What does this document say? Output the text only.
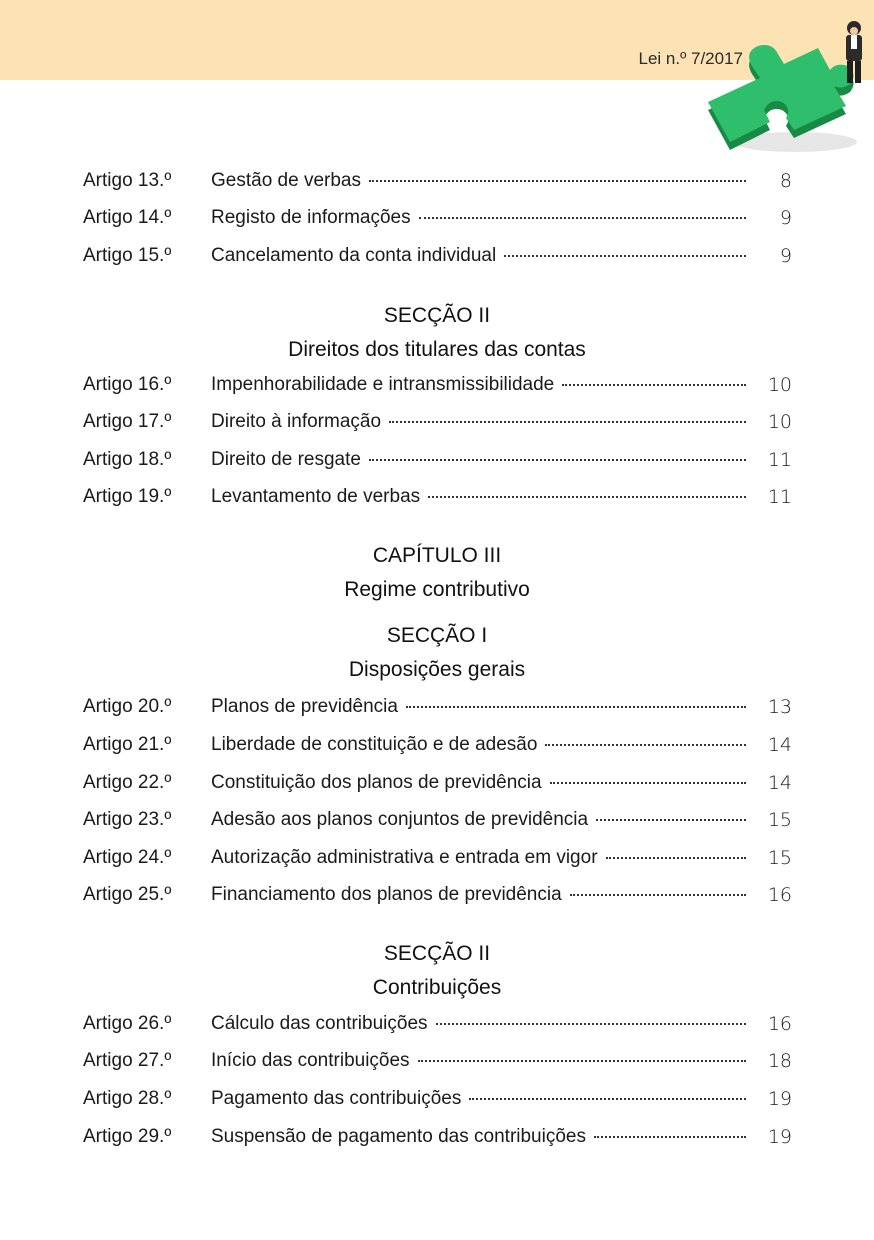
Lei n.º 7/2017
Artigo 13.º Gestão de verbas	8
Artigo 14.º Registo de informações	9
Artigo 15.º Cancelamento da conta individual	9
SECÇÃO II
Direitos dos titulares das contas
Artigo 16.º Impenhorabilidade e intransmissibilidade	10
Artigo 17.º Direito à informação	10
Artigo 18.º Direito de resgate	11
Artigo 19.º Levantamento de verbas	11
CAPÍTULO III
Regime contributivo
SECÇÃO I
Disposições gerais
Artigo 20.º Planos de previdência	13
Artigo 21.º Liberdade de constituição e de adesão	14
Artigo 22.º Constituição dos planos de previdência	14
Artigo 23.º Adesão aos planos conjuntos de previdência	15
Artigo 24.º Autorização administrativa e entrada em vigor	15
Artigo 25.º Financiamento dos planos de previdência	16
SECÇÃO II
Contribuições
Artigo 26.º Cálculo das contribuições	16
Artigo 27.º Início das contribuições	18
Artigo 28.º Pagamento das contribuições	19
Artigo 29.º Suspensão de pagamento das contribuições	19
